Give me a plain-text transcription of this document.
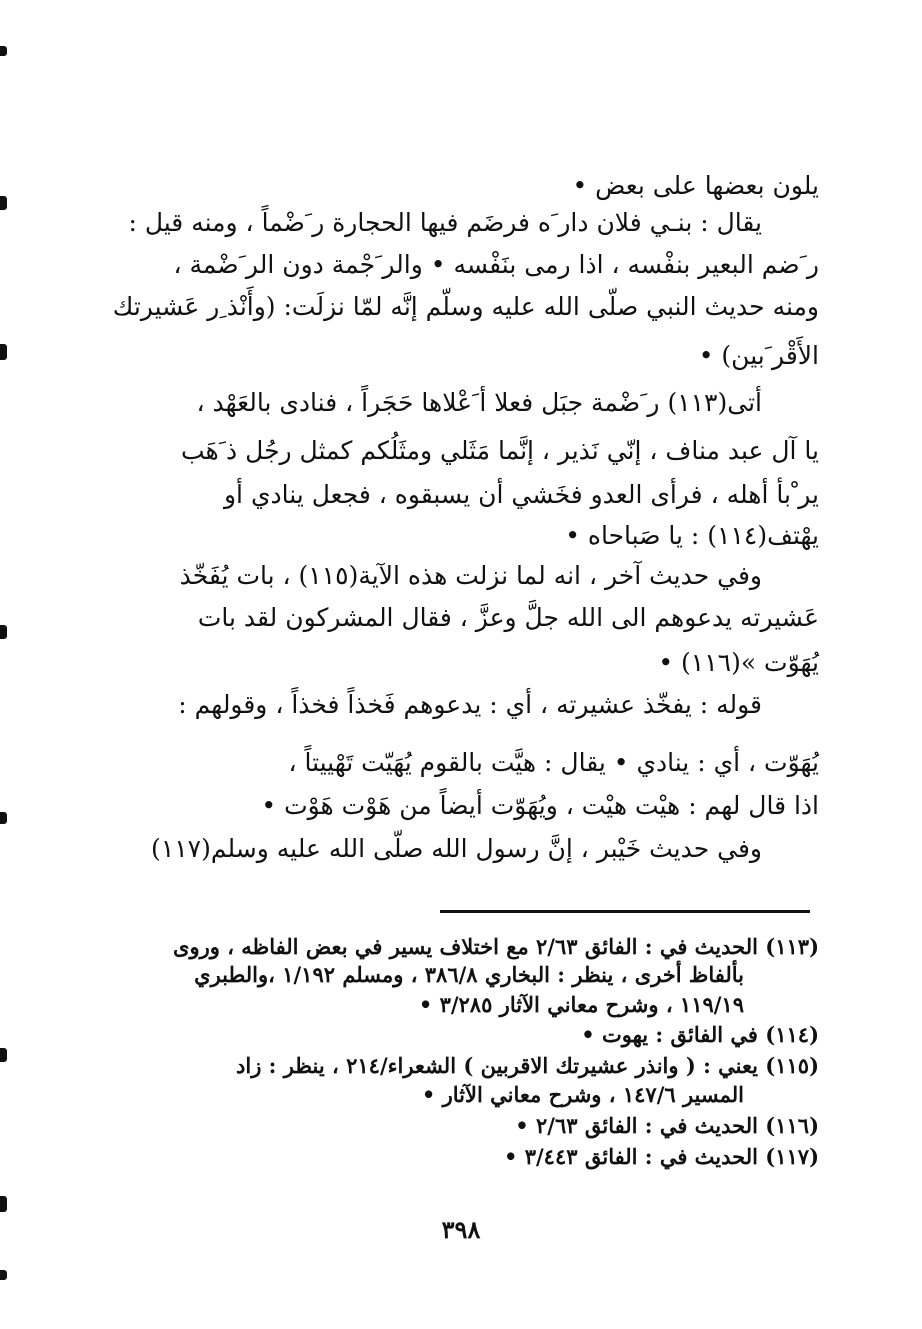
يلون بعضها على بعض •
يقال : بنـي فلان دار َه فرضَم فيها الحجارة ر َضْماً ، ومنه قيل :
ر َضم البعير بنفْسه ، اذا رمى بنَفْسه • والر َجْمة دون الر َضْمة ،
ومنه حديث النبي صلّى الله عليه وسلّم إنَّه لمّا نزلَت: (وأَنْذ ِر عَشيرتك
الأَقْر َبين) •
أتى(١١٣) ر َضْمة جبَل فعلا أ َعْلاها حَجَراً ، فنادى بالعَهْد ،
يا آل عبد مناف ، إنّي نَذير ، إنَّما مَثَلي ومثَلُكم كمثل رجُل ذ َهَب
ير ْبأ أهله ، فرأى العدو فخَشي أن يسبقوه ، فجعل ينادي أو
يهْتف(١١٤) : يا صَباحاه •
وفي حديث آخر ، انه لما نزلت هذه الآية(١١٥) ، بات يُفَخّذ
عَشيرته يدعوهم الى الله جلَّ وعزَّ ، فقال المشركون لقد بات
يُهَوّت »(١١٦) •
قوله : يفخّذ عشيرته ، أي : يدعوهم فَخذاً فخذاً ، وقولهم :
يُهَوّت ، أي : ينادي • يقال : هيَّت بالقوم يُهَيّت تَهْييتاً ،
اذا قال لهم : هيْت هيْت ، ويُهَوّت أيضاً من هَوْت هَوْت •
وفي حديث خَيْبر ، إنَّ رسول الله صلّى الله عليه وسلم(١١٧)
(١١٣) الحديث في : الفائق ٢/٦٣ مع اختلاف يسير في بعض الفاظه ، وروى
بألفاظ أخرى ، ينظر : البخاري ٣٨٦/٨ ، ومسلم ١/١٩٢ ،والطبري
١١٩/١٩ ، وشرح معاني الآثار ٣/٢٨٥ •
(١١٤) في الفائق : يهوت •
(١١٥) يعني : ( وانذر عشيرتك الاقربين ) الشعراء/٢١٤ ، ينظر : زاد
المسير ١٤٧/٦ ، وشرح معاني الآثار •
(١١٦) الحديث في : الفائق ٢/٦٣ •
(١١٧) الحديث في : الفائق ٣/٤٤٣ •
٣٩٨
